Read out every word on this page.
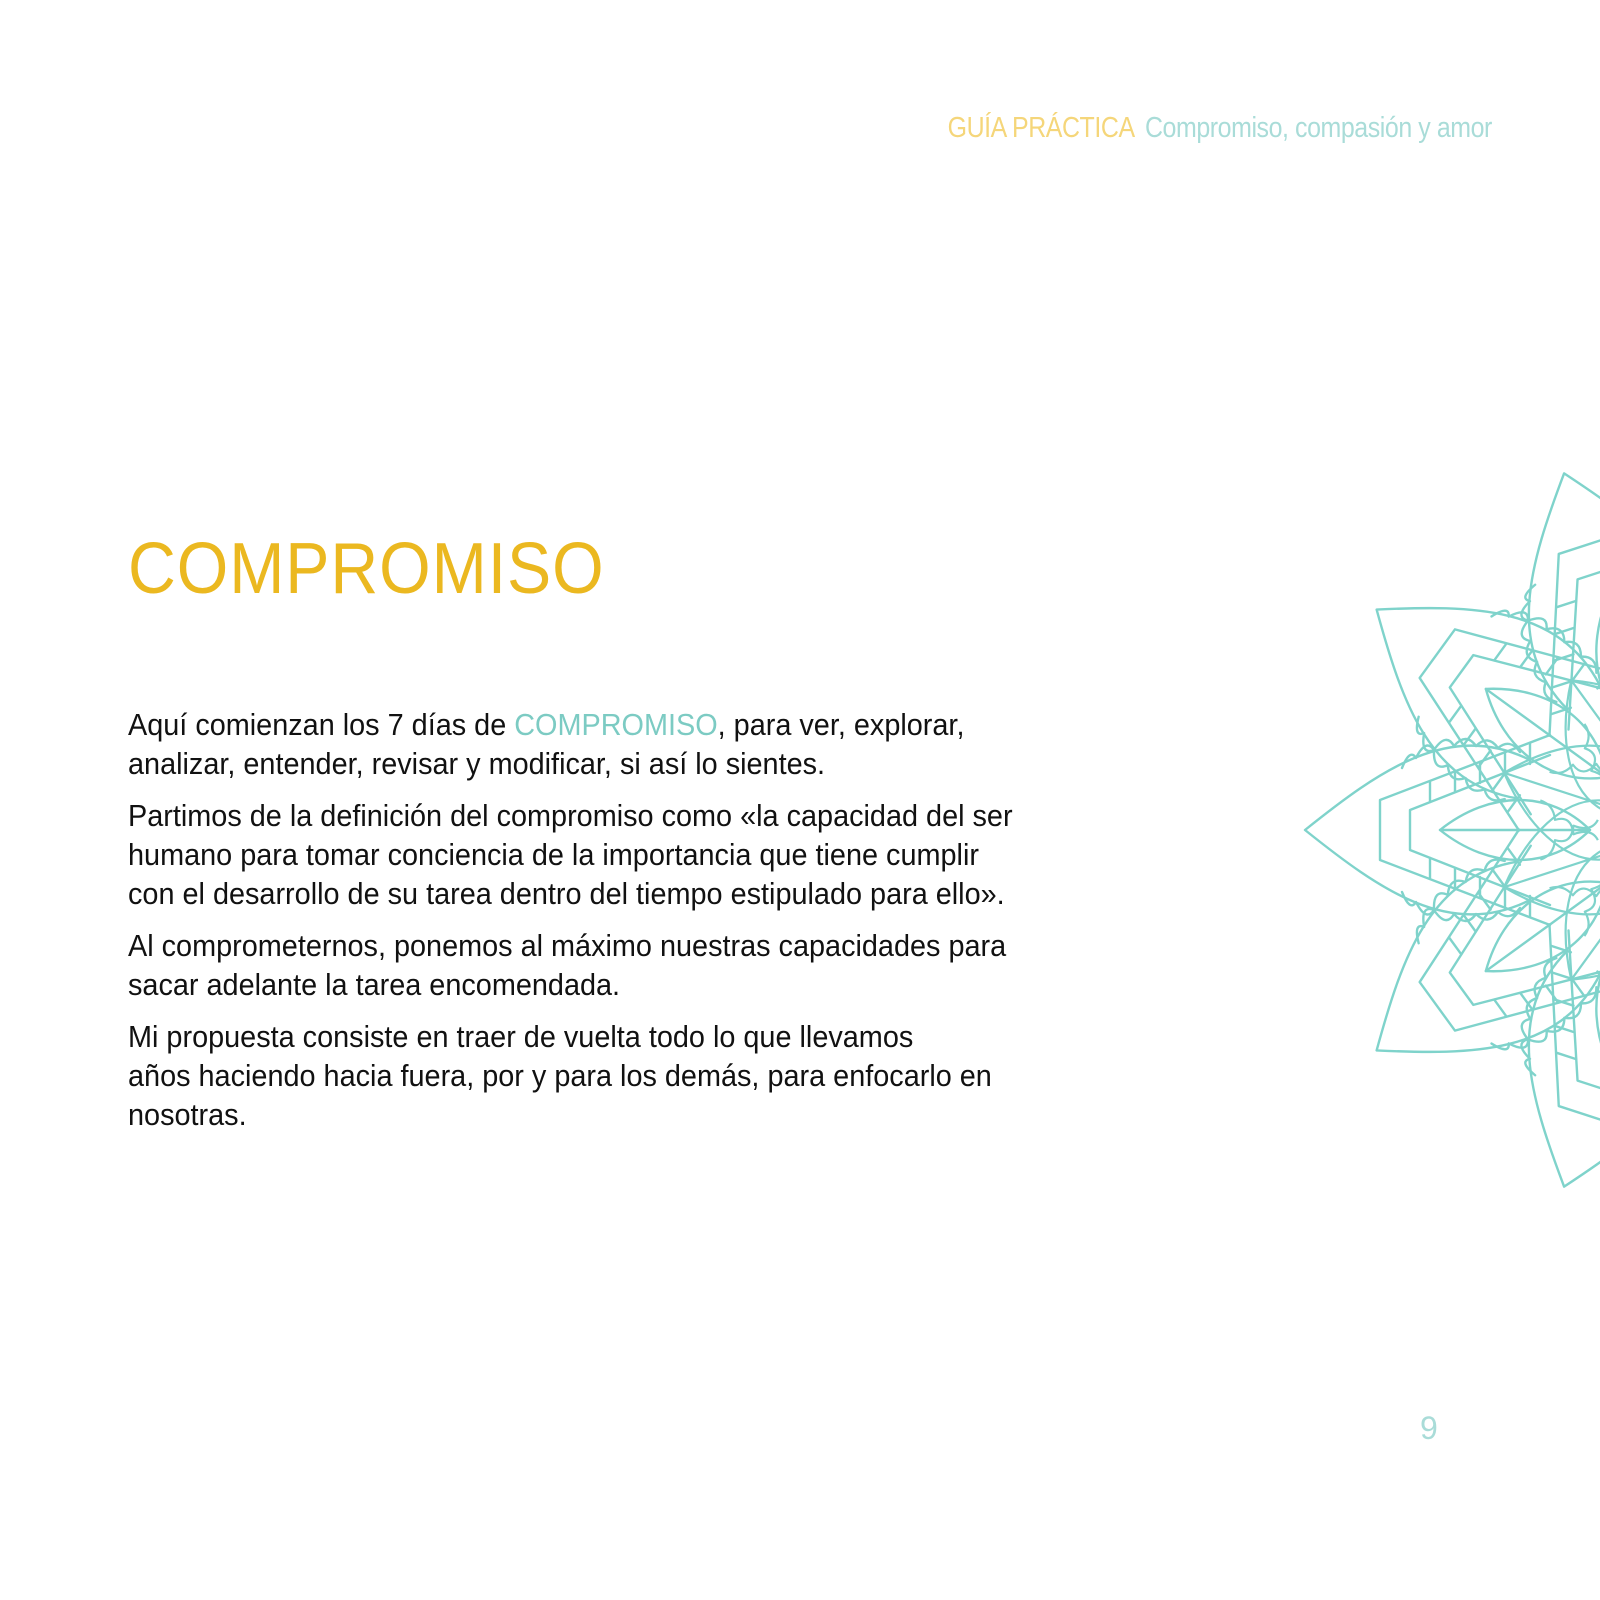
GUÍA PRÁCTICA Compromiso, compasión y amor
COMPROMISO

Aquí comienzan los 7 días de COMPROMISO, para ver, explorar,
analizar, entender, revisar y modificar, si así lo sientes.

Partimos de la definición del compromiso como «la capacidad del ser
humano para tomar conciencia de la importancia que tiene cumplir
con el desarrollo de su tarea dentro del tiempo estipulado para ello».

Al comprometernos, ponemos al máximo nuestras capacidades para
sacar adelante la tarea encomendada.

Mi propuesta consiste en traer de vuelta todo lo que llevamos
años haciendo hacia fuera, por y para los demás, para enfocarlo en
nosotras.

9
